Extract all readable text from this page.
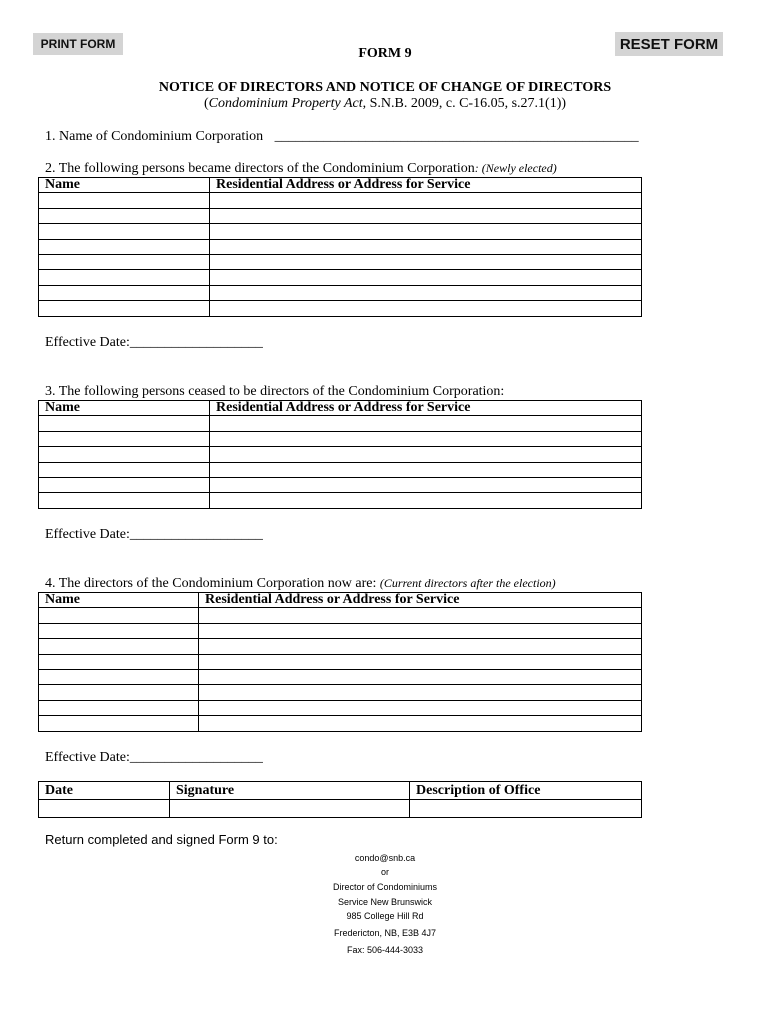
PRINT FORM	RESET FORM
FORM 9
NOTICE OF DIRECTORS AND NOTICE OF CHANGE OF DIRECTORS
(Condominium Property Act, S.N.B. 2009, c. C-16.05, s.27.1(1))
1. Name of Condominium Corporation ____________________________________________________
2. The following persons became directors of the Condominium Corporation: (Newly elected)
Name	Residential Address or Address for Service

Effective Date:___________________
3. The following persons ceased to be directors of the Condominium Corporation:
Name	Residential Address or Address for Service

Effective Date:___________________
4. The directors of the Condominium Corporation now are: (Current directors after the election)
Name	Residential Address or Address for Service

Effective Date:___________________
Date	Signature	Description of Office

Return completed and signed Form 9 to:
condo@snb.ca
or
Director of Condominiums
Service New Brunswick
985 College Hill Rd
Fredericton, NB, E3B 4J7
Fax: 506-444-3033
